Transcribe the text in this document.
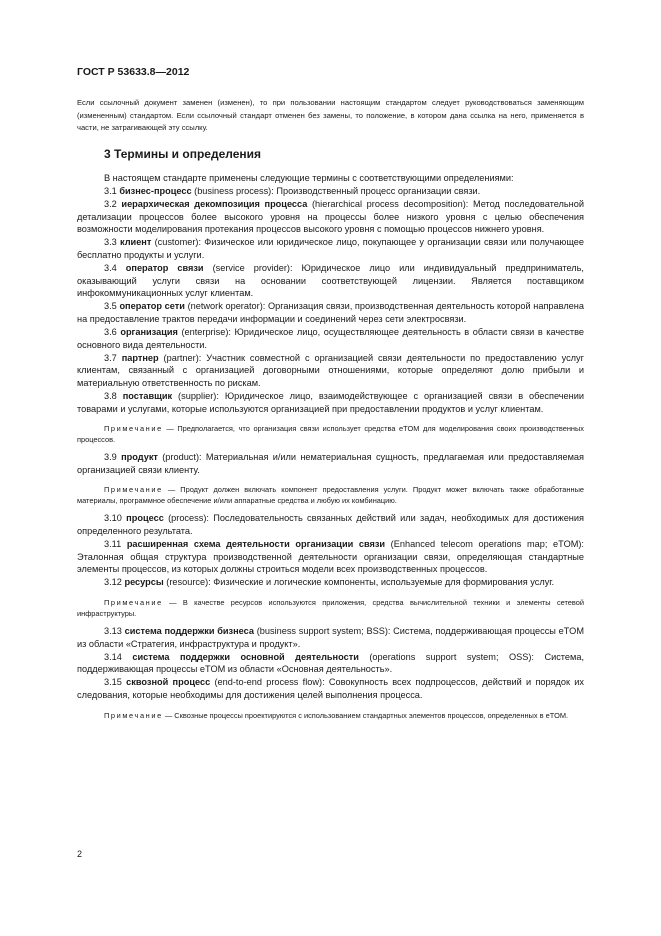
ГОСТ Р 53633.8—2012
Если ссылочный документ заменен (изменен), то при пользовании настоящим стандартом следует руководствоваться заменяющим (измененным) стандартом. Если ссылочный стандарт отменен без замены, то положение, в котором дана ссылка на него, применяется в части, не затрагивающей эту ссылку.
3 Термины и определения

В настоящем стандарте применены следующие термины с соответствующими определениями:

3.1 бизнес-процесс (business process): Производственный процесс организации связи.

3.2 иерархическая декомпозиция процесса (hierarchical process decomposition): Метод последовательной детализации процессов более высокого уровня на процессы более низкого уровня с целью обеспечения возможности моделирования протекания процессов высокого уровня с помощью процессов нижнего уровня.

3.3 клиент (customer): Физическое или юридическое лицо, покупающее у организации связи или получающее бесплатно продукты и услуги.

3.4 оператор связи (service provider): Юридическое лицо или индивидуальный предприниматель, оказывающий услуги связи на основании соответствующей лицензии. Является поставщиком инфокоммуникационных услуг клиентам.

3.5 оператор сети (network operator): Организация связи, производственная деятельность которой направлена на предоставление трактов передачи информации и соединений через сети электросвязи.

3.6 организация (enterprise): Юридическое лицо, осуществляющее деятельность в области связи в качестве основного вида деятельности.

3.7 партнер (partner): Участник совместной с организацией связи деятельности по предоставлению услуг клиентам, связанный с организацией договорными отношениями, которые определяют долю прибыли и материальную ответственность по рискам.

3.8 поставщик (supplier): Юридическое лицо, взаимодействующее с организацией связи в обеспечении товарами и услугами, которые используются организацией при предоставлении продуктов и услуг клиентам.

Примечание — Предполагается, что организация связи использует средства eTOM для моделирования своих производственных процессов.

3.9 продукт (product): Материальная и/или нематериальная сущность, предлагаемая или предоставляемая организацией связи клиенту.

Примечание — Продукт должен включать компонент предоставления услуги. Продукт может включать также обработанные материалы, программное обеспечение и/или аппаратные средства и любую их комбинацию.

3.10 процесс (process): Последовательность связанных действий или задач, необходимых для достижения определенного результата.

3.11 расширенная схема деятельности организации связи (Enhanced telecom operations map; eTOM): Эталонная общая структура производственной деятельности организации связи, определяющая стандартные элементы процессов, из которых должны строиться модели всех производственных процессов.

3.12 ресурсы (resource): Физические и логические компоненты, используемые для формирования услуг.

Примечание — В качестве ресурсов используются приложения, средства вычислительной техники и элементы сетевой инфраструктуры.

3.13 система поддержки бизнеса (business support system; BSS): Система, поддерживающая процессы eTOM из области «Стратегия, инфраструктура и продукт».

3.14 система поддержки основной деятельности (operations support system; OSS): Система, поддерживающая процессы eTOM из области «Основная деятельность».

3.15 сквозной процесс (end-to-end process flow): Совокупность всех подпроцессов, действий и порядок их следования, которые необходимы для достижения целей выполнения процесса.

Примечание — Сквозные процессы проектируются с использованием стандартных элементов процессов, определенных в eTOM.

2
